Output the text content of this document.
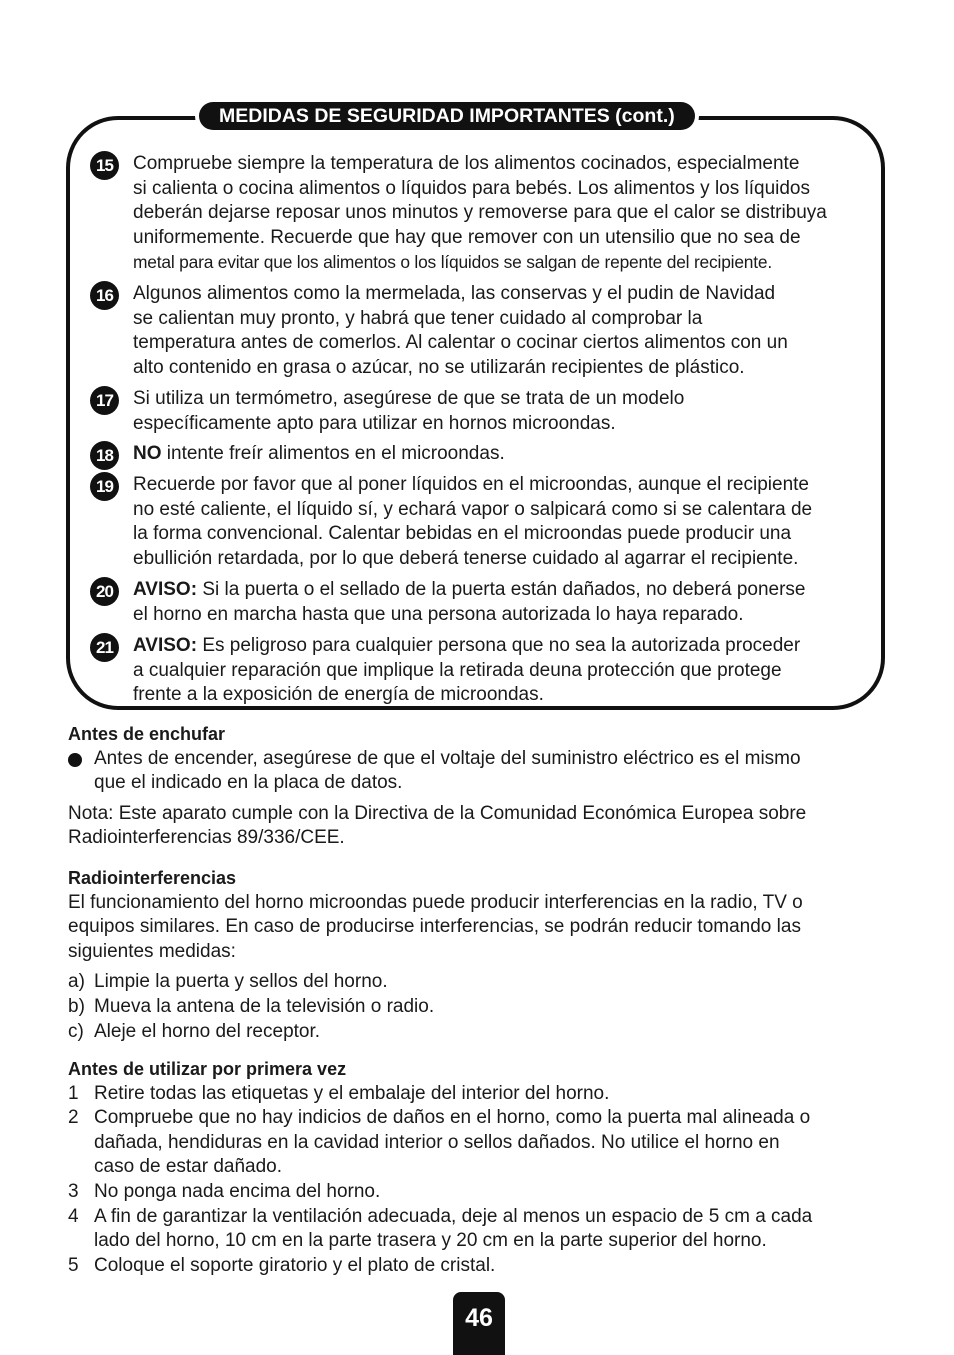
MEDIDAS DE SEGURIDAD IMPORTANTES (cont.)
15	Compruebe siempre la temperatura de los alimentos cocinados, especialmente
si calienta o cocina alimentos o líquidos para bebés. Los alimentos y los líquidos
deberán dejarse reposar unos minutos y removerse para que el calor se distribuya
uniformemente. Recuerde que hay que remover con un utensilio que no sea de
metal para evitar que los alimentos o los líquidos se salgan de repente del recipiente.
16	Algunos alimentos como la mermelada, las conservas y el pudin de Navidad
se calientan muy pronto, y habrá que tener cuidado al comprobar la
temperatura antes de comerlos. Al calentar o cocinar ciertos alimentos con un
alto contenido en grasa o azúcar, no se utilizarán recipientes de plástico.
17	Si utiliza un termómetro, asegúrese de que se trata de un modelo
específicamente apto para utilizar en hornos microondas.
18	NO intente freír alimentos en el microondas.
19	Recuerde por favor que al poner líquidos en el microondas, aunque el recipiente
no esté caliente, el líquido sí, y echará vapor o salpicará como si se calentara de
la forma convencional. Calentar bebidas en el microondas puede producir una
ebullición retardada, por lo que deberá tenerse cuidado al agarrar el recipiente.
20	AVISO: Si la puerta o el sellado de la puerta están dañados, no deberá ponerse
el horno en marcha hasta que una persona autorizada lo haya reparado.
21	AVISO: Es peligroso para cualquier persona que no sea la autorizada proceder
a cualquier reparación que implique la retirada deuna protección que protege
frente a la exposición de energía de microondas.
Antes de enchufar
Antes de encender, asegúrese de que el voltaje del suministro eléctrico es el mismo
que el indicado en la placa de datos.
Nota: Este aparato cumple con la Directiva de la Comunidad Económica Europea sobre
Radiointerferencias 89/336/CEE.
Radiointerferencias
El funcionamiento del horno microondas puede producir interferencias en la radio, TV o
equipos similares. En caso de producirse interferencias, se podrán reducir tomando las
siguientes medidas:
a) Limpie la puerta y sellos del horno.
b) Mueva la antena de la televisión o radio.
c) Aleje el horno del receptor.
Antes de utilizar por primera vez
1 Retire todas las etiquetas y el embalaje del interior del horno.
2 Compruebe que no hay indicios de daños en el horno, como la puerta mal alineada o
dañada, hendiduras en la cavidad interior o sellos dañados. No utilice el horno en
caso de estar dañado.
3 No ponga nada encima del horno.
4 A fin de garantizar la ventilación adecuada, deje al menos un espacio de 5 cm a cada
lado del horno, 10 cm en la parte trasera y 20 cm en la parte superior del horno.
5 Coloque el soporte giratorio y el plato de cristal.
46
